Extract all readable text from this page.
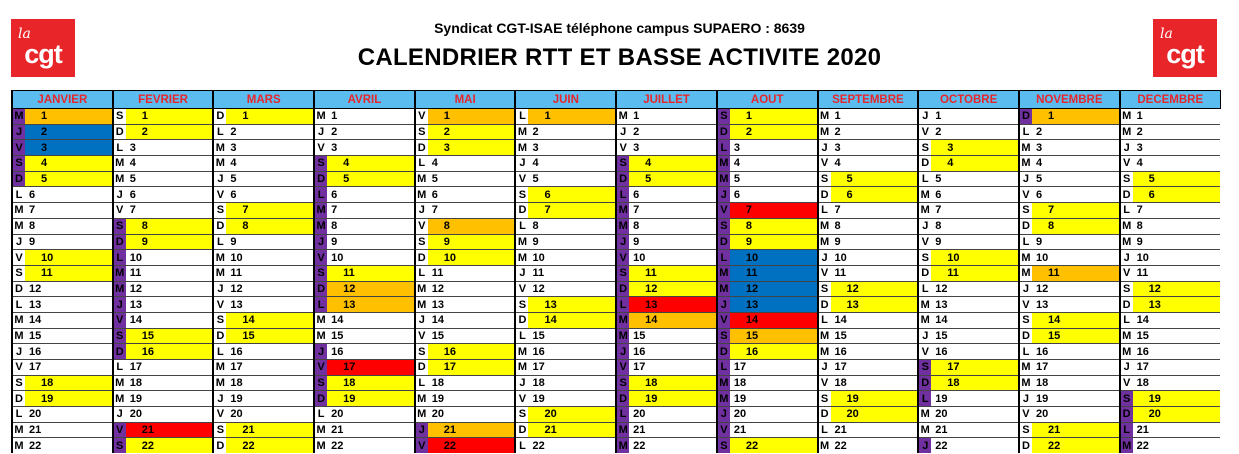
la
cgt
la
cgt
Syndicat CGT-ISAE téléphone campus SUPAERO : 8639
CALENDRIER RTT ET BASSE ACTIVITE 2020
JANVIER		FEVRIER		MARS		AVRIL		MAI		JUIN		JUILLET		AOUT		SEPTEMBRE		OCTOBRE		NOVEMBRE		DECEMBRE	
M	1	S	1	D	1	M	1	V	1	L	1	M	1	S	1	M	1	J	1	D	1	M	1
J	2	D	2	L	2	J	2	S	2	M	2	J	2	D	2	M	2	V	2	L	2	M	2
V	3	L	3	M	3	V	3	D	3	M	3	V	3	L	3	J	3	S	3	M	3	J	3
S	4	M	4	M	4	S	4	L	4	J	4	S	4	M	4	V	4	D	4	M	4	V	4
D	5	M	5	J	5	D	5	M	5	V	5	D	5	M	5	S	5	L	5	J	5	S	5
L	6	J	6	V	6	L	6	M	6	S	6	L	6	J	6	D	6	M	6	V	6	D	6
M	7	V	7	S	7	M	7	J	7	D	7	M	7	V	7	L	7	M	7	S	7	L	7
M	8	S	8	D	8	M	8	V	8	L	8	M	8	S	8	M	8	J	8	D	8	M	8
J	9	D	9	L	9	J	9	S	9	M	9	J	9	D	9	M	9	V	9	L	9	M	9
V	10	L	10	M	10	V	10	D	10	M	10	V	10	L	10	J	10	S	10	M	10	J	10
S	11	M	11	M	11	S	11	L	11	J	11	S	11	M	11	V	11	D	11	M	11	V	11
D	12	M	12	J	12	D	12	M	12	V	12	D	12	M	12	S	12	L	12	J	12	S	12
L	13	J	13	V	13	L	13	M	13	S	13	L	13	J	13	D	13	M	13	V	13	D	13
M	14	V	14	S	14	M	14	J	14	D	14	M	14	V	14	L	14	M	14	S	14	L	14
M	15	S	15	D	15	M	15	V	15	L	15	M	15	S	15	M	15	J	15	D	15	M	15
J	16	D	16	L	16	J	16	S	16	M	16	J	16	D	16	M	16	V	16	L	16	M	16
V	17	L	17	M	17	V	17	D	17	M	17	V	17	L	17	J	17	S	17	M	17	J	17
S	18	M	18	M	18	S	18	L	18	J	18	S	18	M	18	V	18	D	18	M	18	V	18
D	19	M	19	J	19	D	19	M	19	V	19	D	19	M	19	S	19	L	19	J	19	S	19
L	20	J	20	V	20	L	20	M	20	S	20	L	20	J	20	D	20	M	20	V	20	D	20
M	21	V	21	S	21	M	21	J	21	D	21	M	21	V	21	L	21	M	21	S	21	L	21
M	22	S	22	D	22	M	22	V	22	L	22	M	22	S	22	M	22	J	22	D	22	M	22
